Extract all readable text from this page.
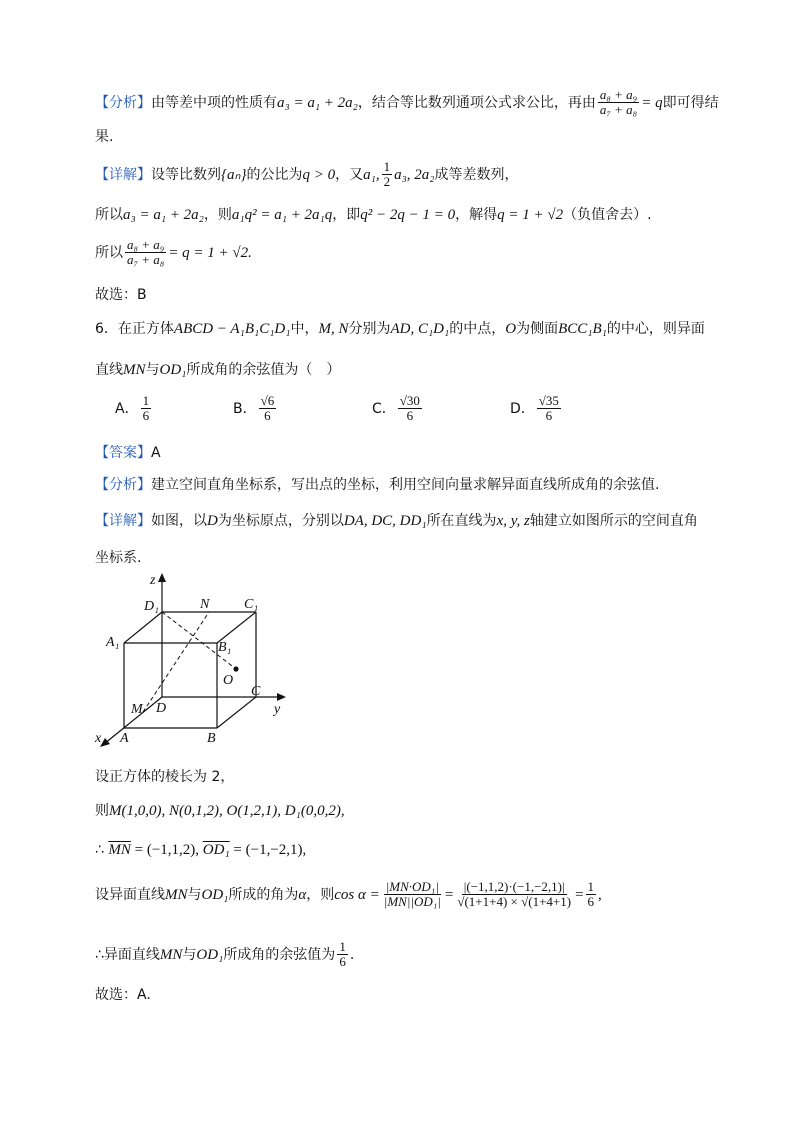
【分析】由等差中项的性质有a₃ = a₁ + 2a₂，结合等比数列通项公式求公比，再由 $\frac{\text{a₈ + a₉}}{\text{a₇ + a₈}} = q$即可得结
果.
【详解】设等比数列{aₙ}的公比为q > 0，又a₁, $\frac{1}{2} a_3$, 2a₂成等差数列，
所以a₃ = a₁ + 2a₂，则a₁q² = a₁ + 2a₁q，即q² − 2q − 1 = 0，解得q = 1 + √2（负值舍去）.
所以 $\frac{\text{a₈ + a₉}}{\text{a₇ + a₈}} = q = 1 + √2$.
故选：B
6．在正方体ABCD − A₁B₁C₁D₁中，M, N分别为AD, C₁D₁的中点，O为侧面BCC₁B₁的中心，则异面
直线MN与OD₁所成角的余弦值为（　）
A． $\frac{1}{6}$	B． $\frac{√6}{6}$	C． $\frac{√30}{6}$	D． $\frac{√35}{6}$
【答案】A
【分析】建立空间直角坐标系，写出点的坐标，利用空间向量求解异面直线所成角的余弦值.
【详解】如图，以D为坐标原点，分别以DA, DC, DD₁所在直线为x, y, z轴建立如图所示的空间直角
坐标系.
z
y
x
D₁	N C₁
A₁	B₁
O
C
M D
A	B
设正方体的棱长为 2，
则M(1,0,0), N(0,1,2), O(1,2,1), D₁(0,0,2),
∴ $\overline{MN} = (-1,1,2)$, OD₁ = (−1,−2,1),
设异面直线MN与OD₁所成的角为α，则$\cos \alpha = \frac{\text{|MN·OD₁|}}{\text{|MN||OD₁|}} = \frac{|(-1,1,2)\cdot(-1,-2,1)|}{√(1+1+4) \times √(1+4+1)} = \frac{1}{6}$ ,
∴异面直线MN与OD₁所成角的余弦值为 $\frac{1}{6}$ .
故选：A.
